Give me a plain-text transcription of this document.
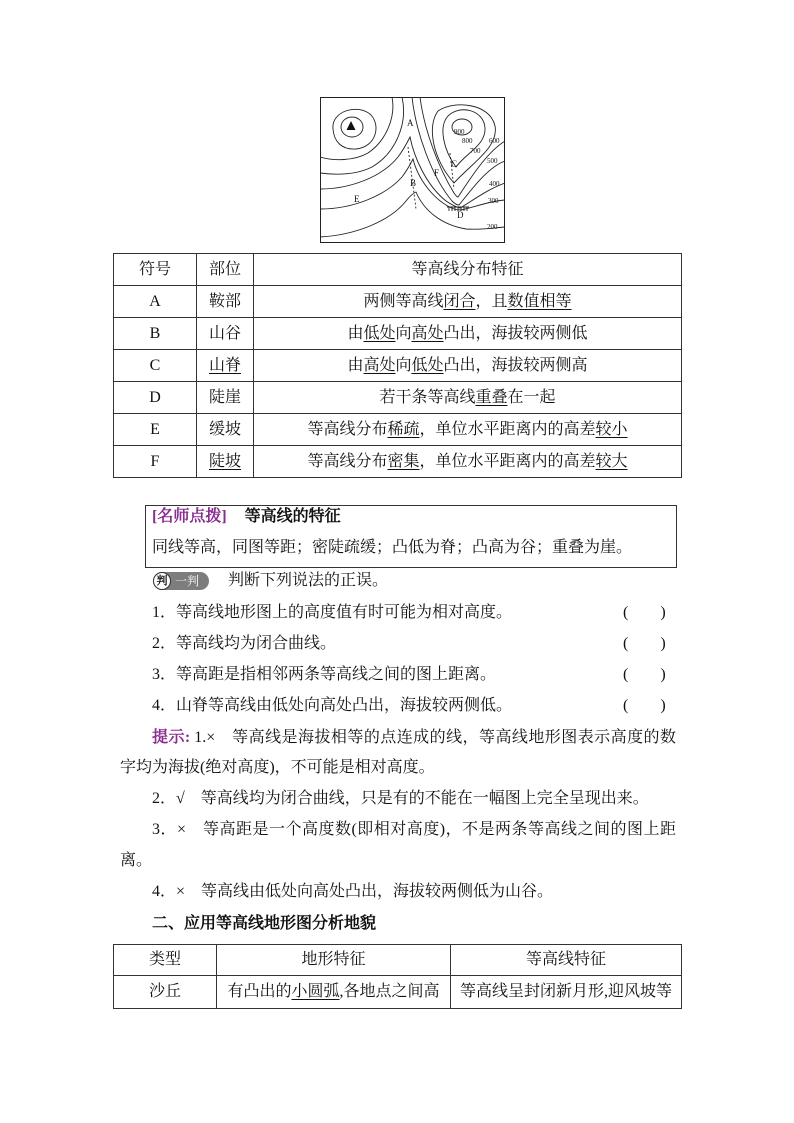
A
B
C
D
E
F
900
800
700
600
500
400
300
200
符号	部位	等高线分布特征
A	鞍部	两侧等高线闭合，且数值相等
B	山谷	由低处向高处凸出，海拔较两侧低
C	山脊	由高处向低处凸出，海拔较两侧高
D	陡崖	若干条等高线重叠在一起
E	缓坡	等高线分布稀疏，单位水平距离内的高差较小
F	陡坡	等高线分布密集，单位水平距离内的高差较大
[名师点拨] 等高线的特征
同线等高，同图等距；密陡疏缓；凸低为脊；凸高为谷；重叠为崖。
判 一判 判断下列说法的正误。
1．等高线地形图上的高度值有时可能为相对高度。	(　　)
2．等高线均为闭合曲线。	(　　)
3．等高距是指相邻两条等高线之间的图上距离。	(　　)
4．山脊等高线由低处向高处凸出，海拔较两侧低。	(　　)
提示: 1.×　等高线是海拔相等的点连成的线，等高线地形图表示高度的数
字均为海拔(绝对高度)，不可能是相对高度。
2．√　等高线均为闭合曲线，只是有的不能在一幅图上完全呈现出来。
3．×　等高距是一个高度数(即相对高度)，不是两条等高线之间的图上距
离。
4．×　等高线由低处向高处凸出，海拔较两侧低为山谷。
二、应用等高线地形图分析地貌
类型	地形特征	等高线特征
沙丘	有凸出的小圆弧,各地点之间高	等高线呈封闭新月形,迎风坡等
